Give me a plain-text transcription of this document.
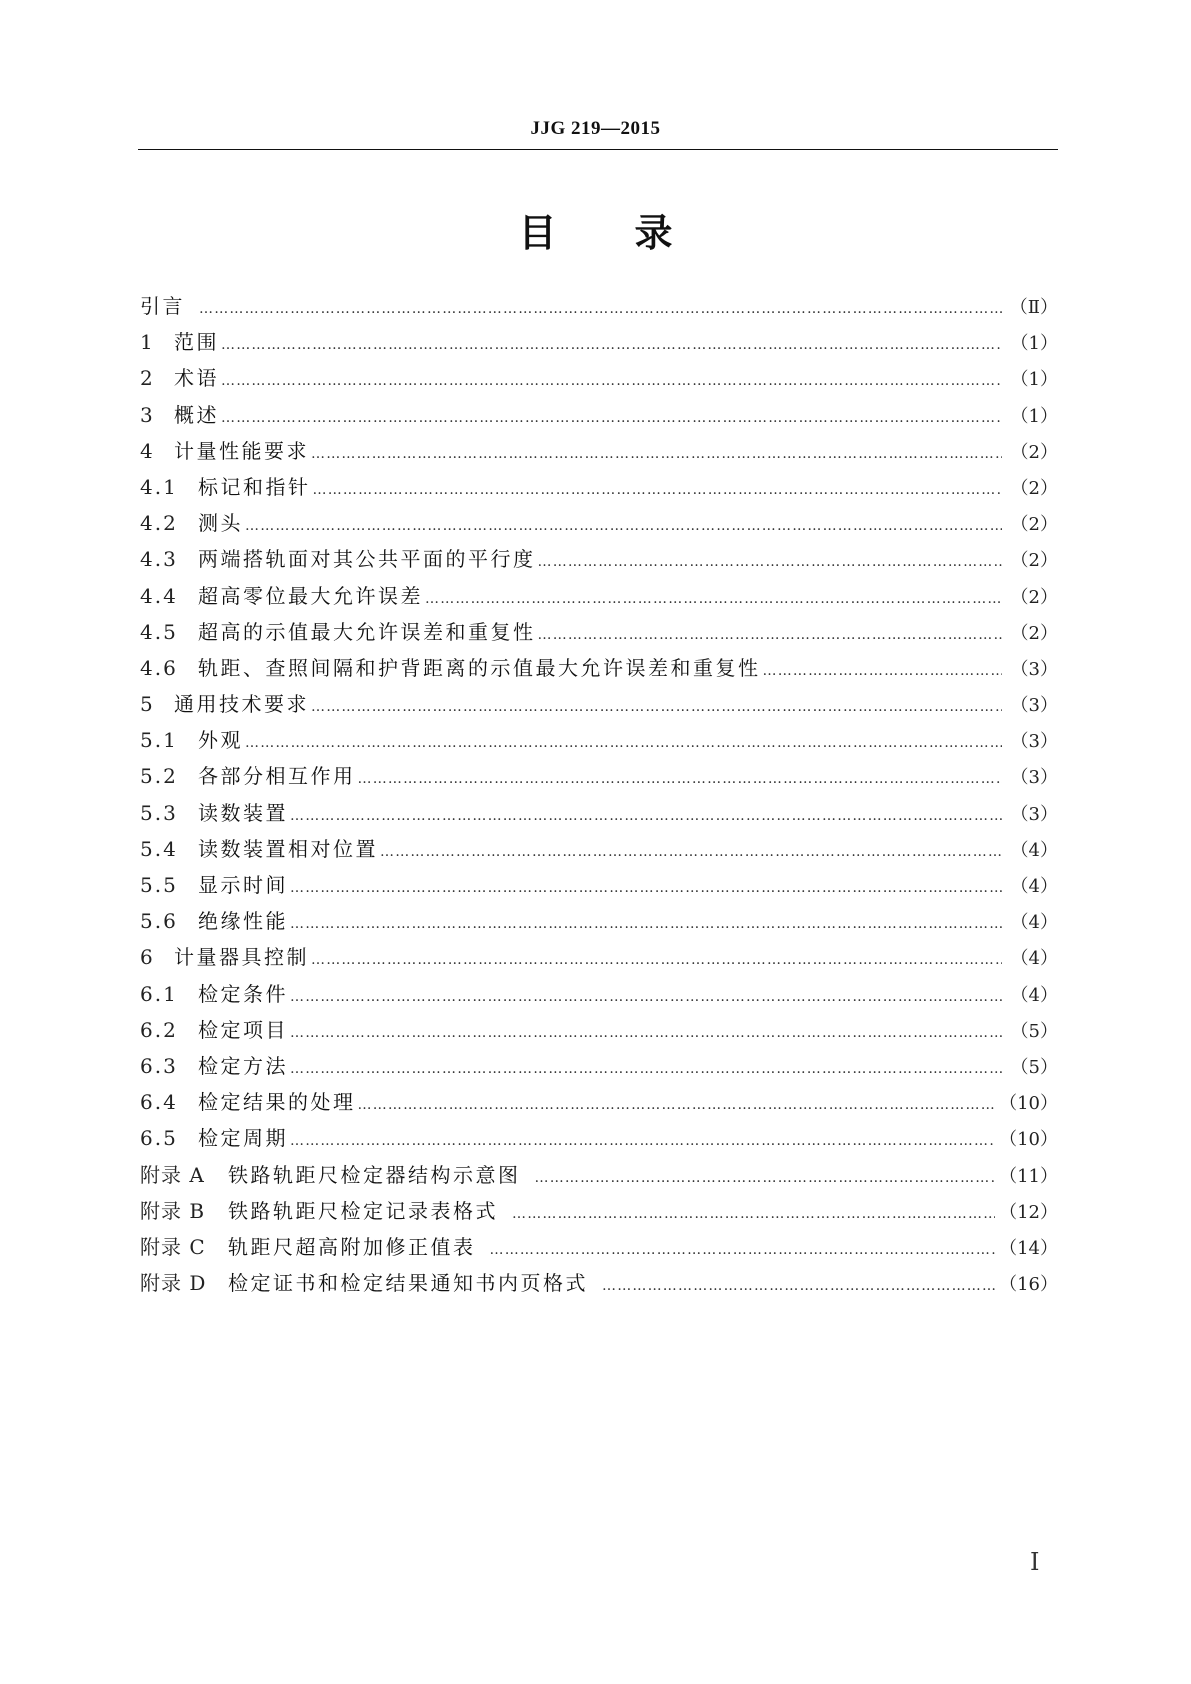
JJG 219—2015
目 录
引言 …………………………………………………………………………………………………………………………………………………………………………	（Ⅱ）
1 范围 …………………………………………………………………………………………………………………………………………………………………………	（1）
2 术语 …………………………………………………………………………………………………………………………………………………………………………	（1）
3 概述 …………………………………………………………………………………………………………………………………………………………………………	（1）
4 计量性能要求 …………………………………………………………………………………………………………………………………………………………………………	（2）
4.1	标记和指针 …………………………………………………………………………………………………………………………………………………………………………	（2）
4.2	测头 …………………………………………………………………………………………………………………………………………………………………………	（2）
4.3	两端搭轨面对其公共平面的平行度 …………………………………………………………………………………………………………………………………………………………………………	（2）
4.4	超高零位最大允许误差 …………………………………………………………………………………………………………………………………………………………………………	（2）
4.5	超高的示值最大允许误差和重复性 …………………………………………………………………………………………………………………………………………………………………………	（2）
4.6	轨距、查照间隔和护背距离的示值最大允许误差和重复性 …………………………………………………………………………………………………………………………………………………………………………	（3）
5 通用技术要求 …………………………………………………………………………………………………………………………………………………………………………	（3）
5.1	外观 …………………………………………………………………………………………………………………………………………………………………………	（3）
5.2	各部分相互作用 …………………………………………………………………………………………………………………………………………………………………………	（3）
5.3	读数装置 …………………………………………………………………………………………………………………………………………………………………………	（3）
5.4	读数装置相对位置 …………………………………………………………………………………………………………………………………………………………………………	（4）
5.5	显示时间 …………………………………………………………………………………………………………………………………………………………………………	（4）
5.6	绝缘性能 …………………………………………………………………………………………………………………………………………………………………………	（4）
6 计量器具控制 …………………………………………………………………………………………………………………………………………………………………………	（4）
6.1	检定条件 …………………………………………………………………………………………………………………………………………………………………………	（4）
6.2	检定项目 …………………………………………………………………………………………………………………………………………………………………………	（5）
6.3	检定方法 …………………………………………………………………………………………………………………………………………………………………………	（5）
6.4	检定结果的处理 …………………………………………………………………………………………………………………………………………………………………………	（10）
6.5	检定周期 …………………………………………………………………………………………………………………………………………………………………………	（10）
附录 A	铁路轨距尺检定器结构示意图 …………………………………………………………………………………………………………………………………………………………………………	（11）
附录 B	铁路轨距尺检定记录表格式 …………………………………………………………………………………………………………………………………………………………………………	（12）
附录 C	轨距尺超高附加修正值表 …………………………………………………………………………………………………………………………………………………………………………	（14）
附录 D	检定证书和检定结果通知书内页格式 …………………………………………………………………………………………………………………………………………………………………………	（16）
Ⅰ
